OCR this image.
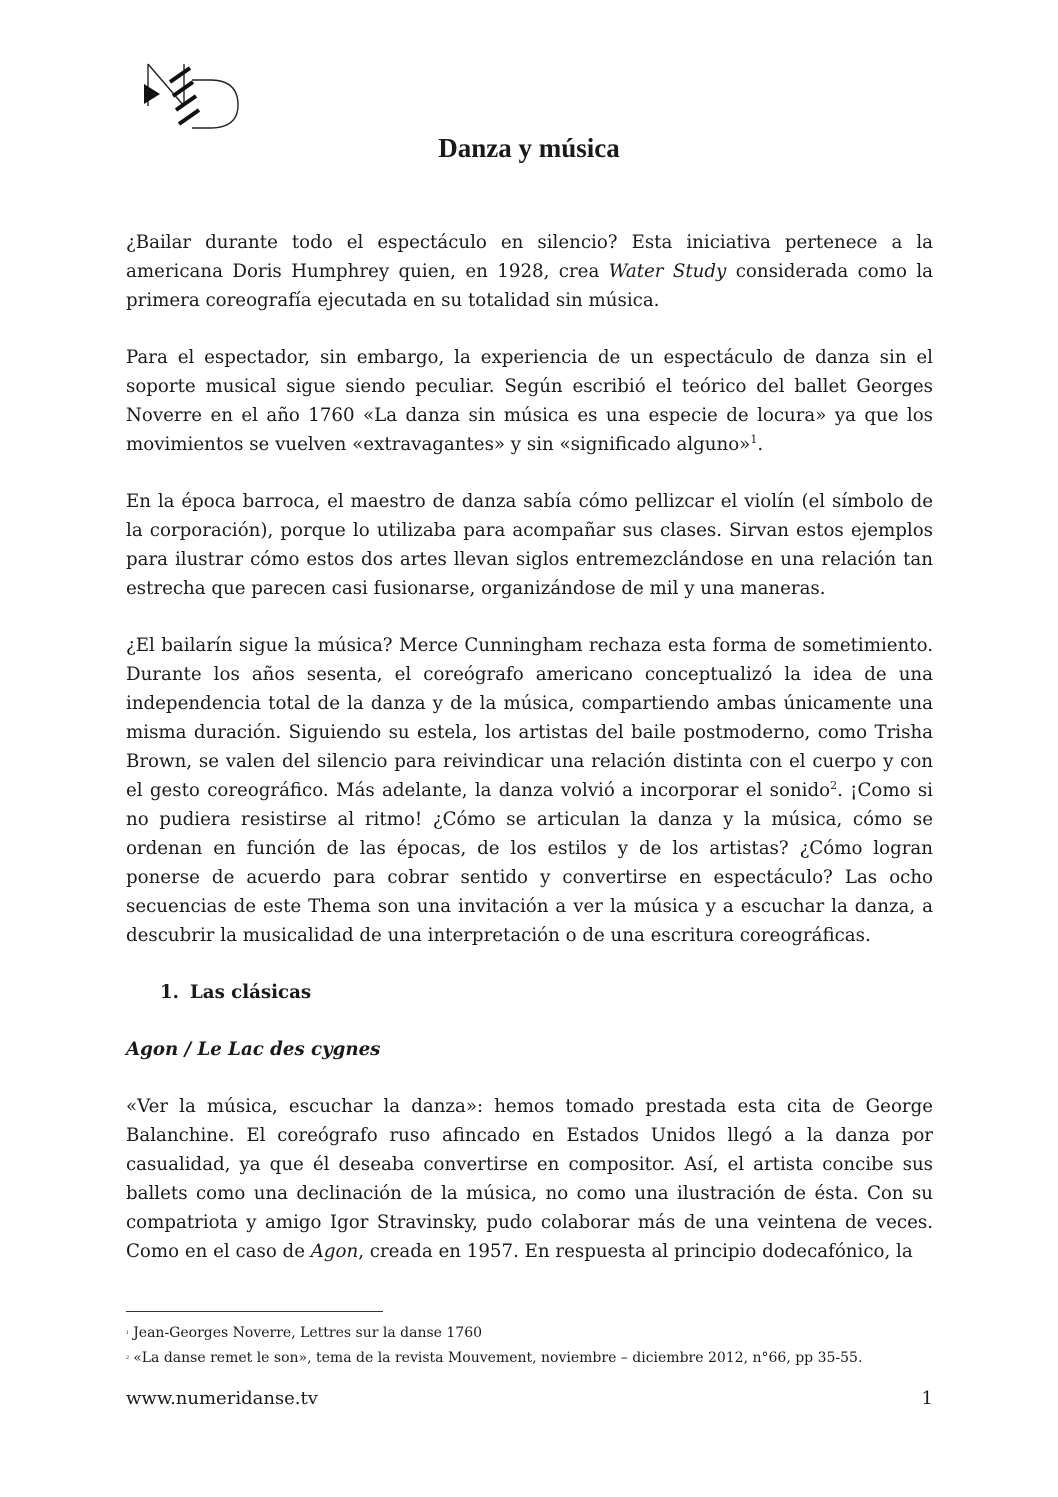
Danza y música

¿Bailar durante todo el espectáculo en silencio? Esta iniciativa pertenece a la americana Doris Humphrey quien, en 1928, crea Water Study considerada como la primera coreografía ejecutada en su totalidad sin música.

Para el espectador, sin embargo, la experiencia de un espectáculo de danza sin el soporte musical sigue siendo peculiar. Según escribió el teórico del ballet Georges Noverre en el año 1760 «La danza sin música es una especie de locura» ya que los movimientos se vuelven «extravagantes» y sin «significado alguno»$^1$.

En la época barroca, el maestro de danza sabía cómo pellizcar el violín (el símbolo de la corporación), porque lo utilizaba para acompañar sus clases. Sirvan estos ejemplos para ilustrar cómo estos dos artes llevan siglos entremezclándose en una relación tan estrecha que parecen casi fusionarse, organizándose de mil y una maneras.

¿El bailarín sigue la música? Merce Cunningham rechaza esta forma de sometimiento. Durante los años sesenta, el coreógrafo americano conceptualizó la idea de una independencia total de la danza y de la música, compartiendo ambas únicamente una misma duración. Siguiendo su estela, los artistas del baile postmoderno, como Trisha Brown, se valen del silencio para reivindicar una relación distinta con el cuerpo y con el gesto coreográfico. Más adelante, la danza volvió a incorporar el sonido$^2$. ¡Como si no pudiera resistirse al ritmo! ¿Cómo se articulan la danza y la música, cómo se ordenan en función de las épocas, de los estilos y de los artistas? ¿Cómo logran ponerse de acuerdo para cobrar sentido y convertirse en espectáculo? Las ocho secuencias de este Thema son una invitación a ver la música y a escuchar la danza, a descubrir la musicalidad de una interpretación o de una escritura coreográficas.

1. Las clásicas
Agon / Le Lac des cygnes

«Ver la música, escuchar la danza»: hemos tomado prestada esta cita de George Balanchine. El coreógrafo ruso afincado en Estados Unidos llegó a la danza por casualidad, ya que él deseaba convertirse en compositor. Así, el artista concibe sus ballets como una declinación de la música, no como una ilustración de ésta. Con su compatriota y amigo Igor Stravinsky, pudo colaborar más de una veintena de veces. Como en el caso de Agon, creada en 1957. En respuesta al principio dodecafónico, la

$^1$ Jean-Georges Noverre, Lettres sur la danse 1760
$^2$ «La danse remet le son», tema de la revista Mouvement, noviembre – diciembre 2012, n°66, pp 35-55.
www.numeridanse.tv	1
